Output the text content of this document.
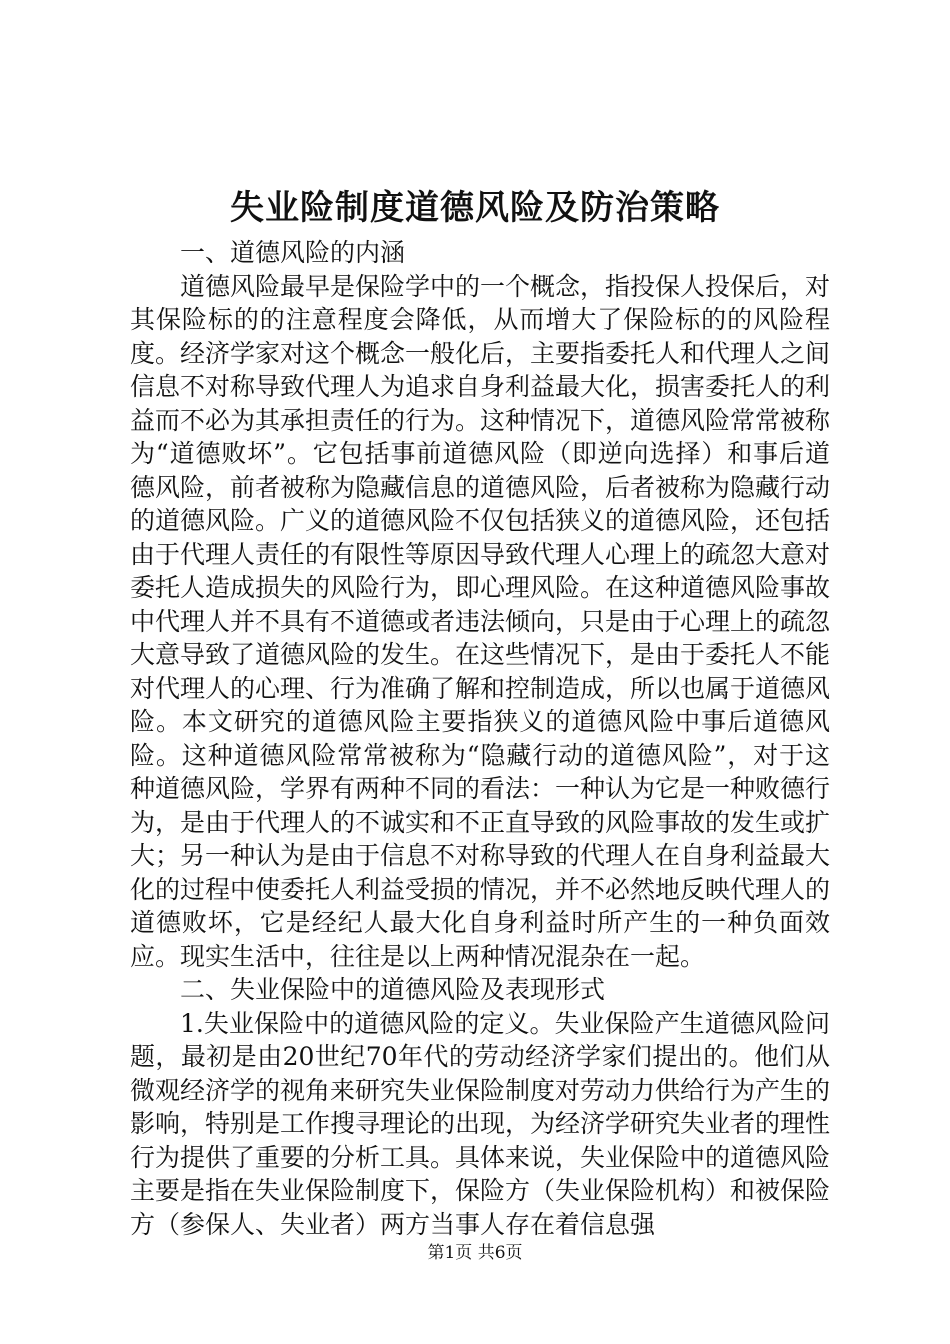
失业险制度道德风险及防治策略

一、道德风险的内涵

道德风险最早是保险学中的一个概念，指投保人投保后，对其保险标的的注意程度会降低，从而增大了保险标的的风险程度。经济学家对这个概念一般化后，主要指委托人和代理人之间信息不对称导致代理人为追求自身利益最大化，损害委托人的利益而不必为其承担责任的行为。这种情况下，道德风险常常被称为“道德败坏”。它包括事前道德风险（即逆向选择）和事后道德风险，前者被称为隐藏信息的道德风险，后者被称为隐藏行动的道德风险。广义的道德风险不仅包括狭义的道德风险，还包括由于代理人责任的有限性等原因导致代理人心理上的疏忽大意对委托人造成损失的风险行为，即心理风险。在这种道德风险事故中代理人并不具有不道德或者违法倾向，只是由于心理上的疏忽大意导致了道德风险的发生。在这些情况下，是由于委托人不能对代理人的心理、行为准确了解和控制造成，所以也属于道德风险。本文研究的道德风险主要指狭义的道德风险中事后道德风险。这种道德风险常常被称为“隐藏行动的道德风险”，对于这种道德风险，学界有两种不同的看法：一种认为它是一种败德行为，是由于代理人的不诚实和不正直导致的风险事故的发生或扩大；另一种认为是由于信息不对称导致的代理人在自身利益最大化的过程中使委托人利益受损的情况，并不必然地反映代理人的道德败坏，它是经纪人最大化自身利益时所产生的一种负面效应。现实生活中，往往是以上两种情况混杂在一起。

二、失业保险中的道德风险及表现形式

1.失业保险中的道德风险的定义。失业保险产生道德风险问题，最初是由20世纪70年代的劳动经济学家们提出的。他们从微观经济学的视角来研究失业保险制度对劳动力供给行为产生的影响，特别是工作搜寻理论的出现，为经济学研究失业者的理性行为提供了重要的分析工具。具体来说，失业保险中的道德风险主要是指在失业保险制度下，保险方（失业保险机构）和被保险方（参保人、失业者）两方当事人存在着信息强

第1页 共6页
